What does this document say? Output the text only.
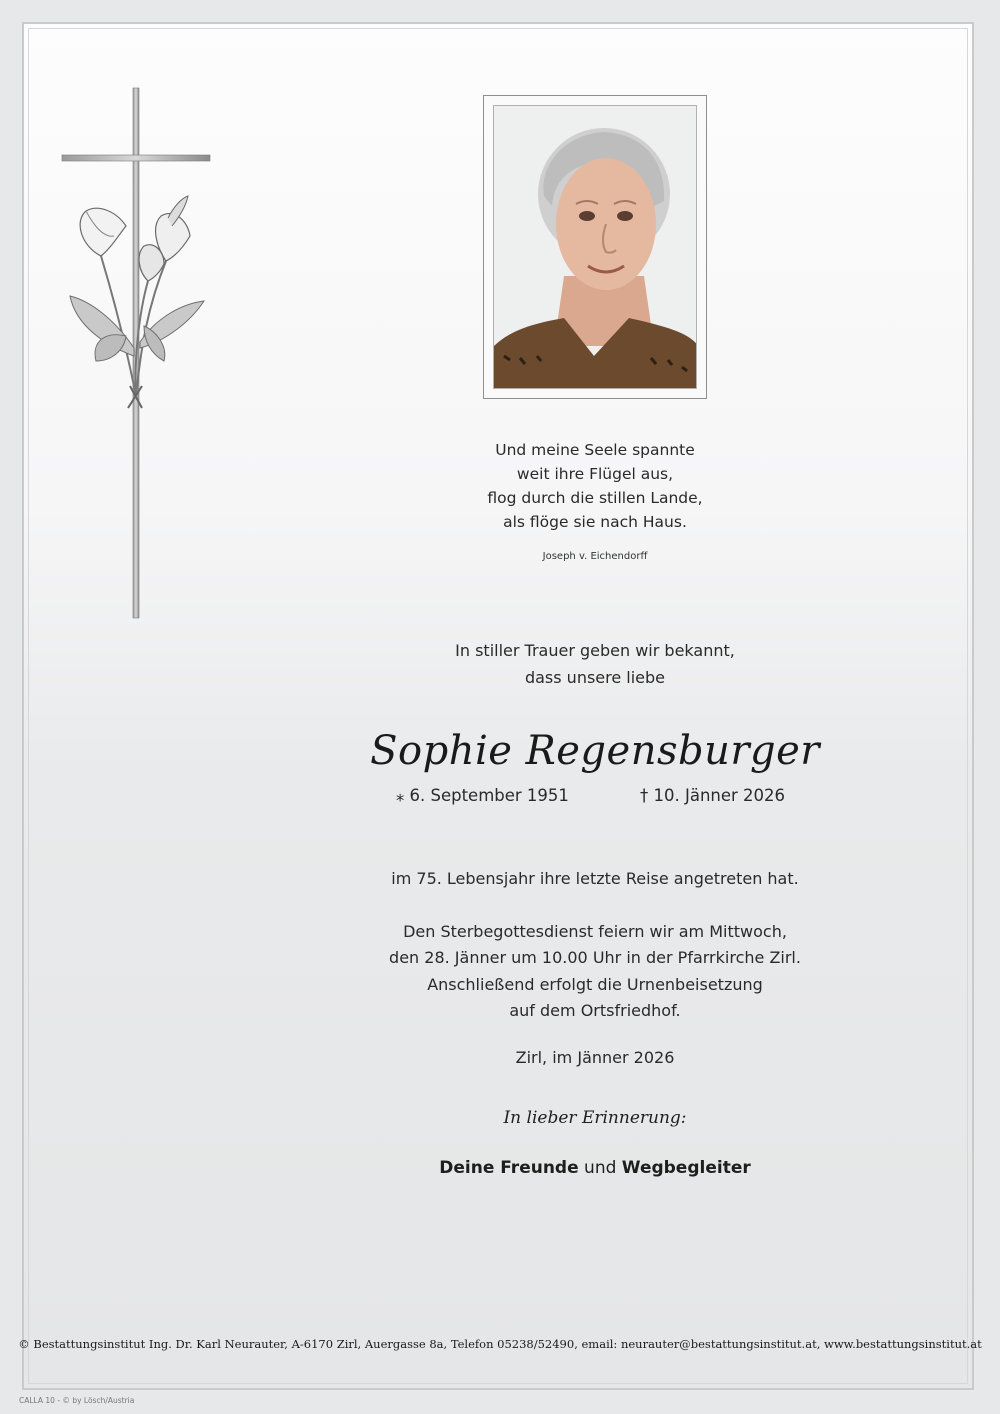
Und meine Seele spannte
weit ihre Flügel aus,
flog durch die stillen Lande,
als flöge sie nach Haus.
Joseph v. Eichendorff
In stiller Trauer geben wir bekannt,
dass unsere liebe
Sophie Regensburger
⁎ 6. September 1951	† 10. Jänner 2026
im 75. Lebensjahr ihre letzte Reise angetreten hat.
Den Sterbegottesdienst feiern wir am Mittwoch,
den 28. Jänner um 10.00 Uhr in der Pfarrkirche Zirl.
Anschließend erfolgt die Urnenbeisetzung
auf dem Ortsfriedhof.
Zirl, im Jänner 2026
In lieber Erinnerung:
Deine Freunde und Wegbegleiter
© Bestattungsinstitut Ing. Dr. Karl Neurauter, A-6170 Zirl, Auergasse 8a, Telefon 05238/52490, email: neurauter@bestattungsinstitut.at, www.bestattungsinstitut.at
CALLA 10 - © by Lösch/Austria
